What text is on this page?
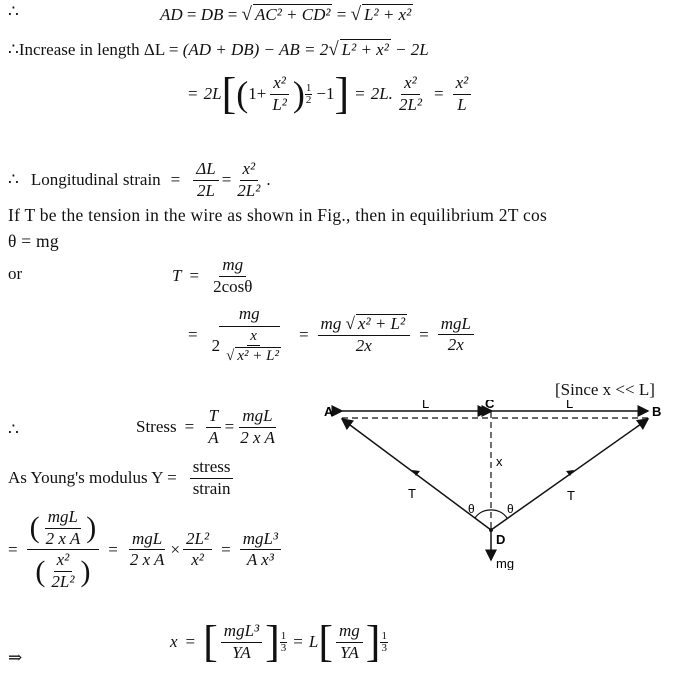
∴	AD = DB = √ AC² + CD² = √ L² + x²
∴Increase in length ΔL = (AD + DB) − AB = 2√ L² + x² − 2L
= 2L [ ( $1+ \frac{\text{x²}}{\text{L²}}$ ) $\frac{1}{2} -1$ ] = 2L. $\frac{\text{x²}}{\text{2L²}} = \frac{\text{x²}}{L}$
∴ Longitudinal strain = $\frac{\Delta L}{2L} = \frac{\text{x²}}{\text{2L²}}$ .
If T be the tension in the wire as shown in Fig., then in equilibrium 2T cos
θ = mg
or	$T = \frac{mg}{2\cos\theta}$
= $\frac{mg}{2 \frac{x}{\text{√ x² + L²}}} = \frac{\text{mg √ x² + L²}}{2x} = \frac{\text{mgL}}{2x}$
[Since x << L]
∴	Stress = $\frac{T}{A} = \frac{\text{mgL}}{\text{2 x A}}$
As Young's modulus $Y = \frac{\text{stress}}{\text{strain}}$
= $\frac{( \frac{\text{mgL}}{\text{2 x A}} )}{( \frac{\text{x²}}{\text{2L²}} )} = \frac{\text{mgL}}{\text{2 x A}} \times \frac{\text{2L²}}{\text{x²}} = \frac{\text{mgL³}}{\text{A x³}}$
⇒
x = [ $\frac{\text{mgL³}}{YA}$ ] $\frac{1}{3} = L$ [ $\frac{mg}{YA}$ ] $\frac{1}{3}$
A	B
C
D
L	L
x
T	T
θ	θ
mg
